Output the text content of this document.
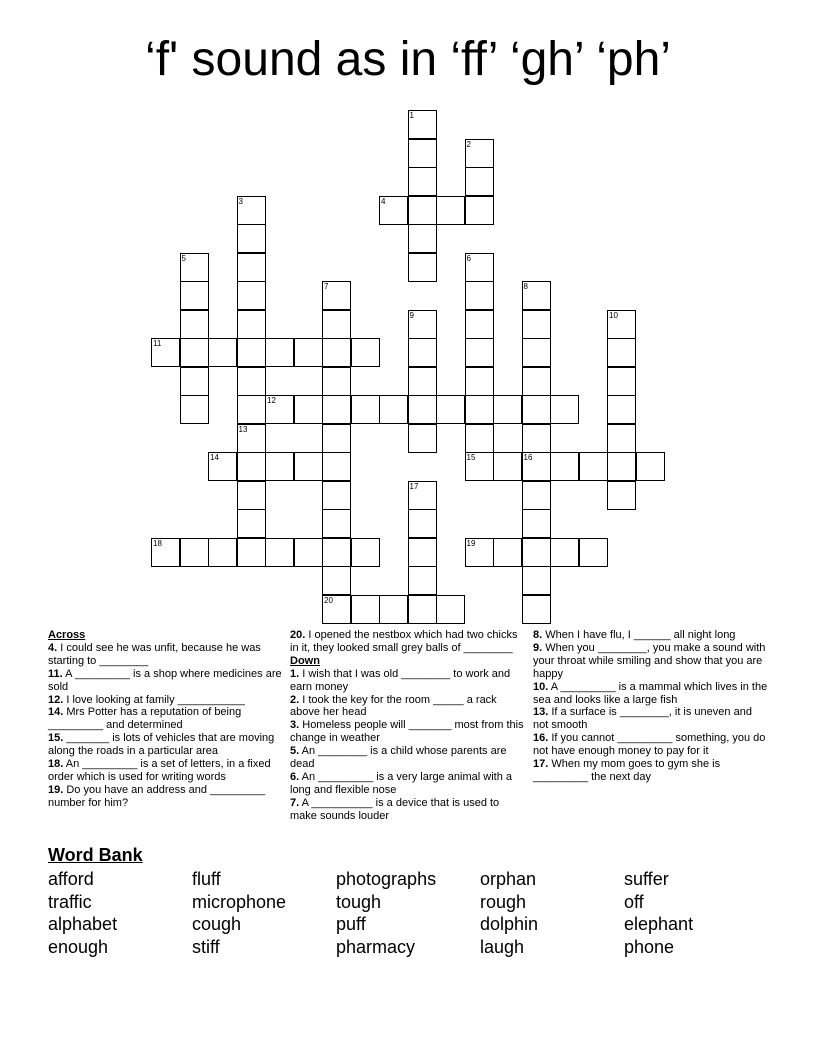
‘f' sound as in ‘ff’ ‘gh’ ‘ph’
1
2
3	4
5	6
15
7	8
16
9	10
11
12
13
14
17
18	19
20
Across

4. I could see he was unfit, because he was starting to ________

11. A _________ is a shop where medicines are sold

12. I love looking at family ___________

14. Mrs Potter has a reputation of being _________ and determined

15. _______ is lots of vehicles that are moving along the roads in a particular area

18. An _________ is a set of letters, in a fixed order which is used for writing words

19. Do you have an address and _________ number for him?

20. I opened the nestbox which had two chicks in it, they looked small grey balls of ________

Down

1. I wish that I was old ________ to work and earn money

2. I took the key for the room _____ a rack above her head

3. Homeless people will _______ most from this change in weather

5. An ________ is a child whose parents are dead

6. An _________ is a very large animal with a long and flexible nose

7. A __________ is a device that is used to make sounds louder

8. When I have flu, I ______ all night long

9. When you ________, you make a sound with your throat while smiling and show that you are happy

10. A _________ is a mammal which lives in the sea and looks like a large fish

13. If a surface is ________, it is uneven and not smooth

16. If you cannot _________ something, you do not have enough money to pay for it

17. When my mom goes to gym she is _________ the next day

Word Bank
afford
traffic
alphabet
enough
fluff
microphone
cough
stiff
photographs
tough
puff
pharmacy
orphan
rough
dolphin
laugh
suffer
off
elephant
phone
